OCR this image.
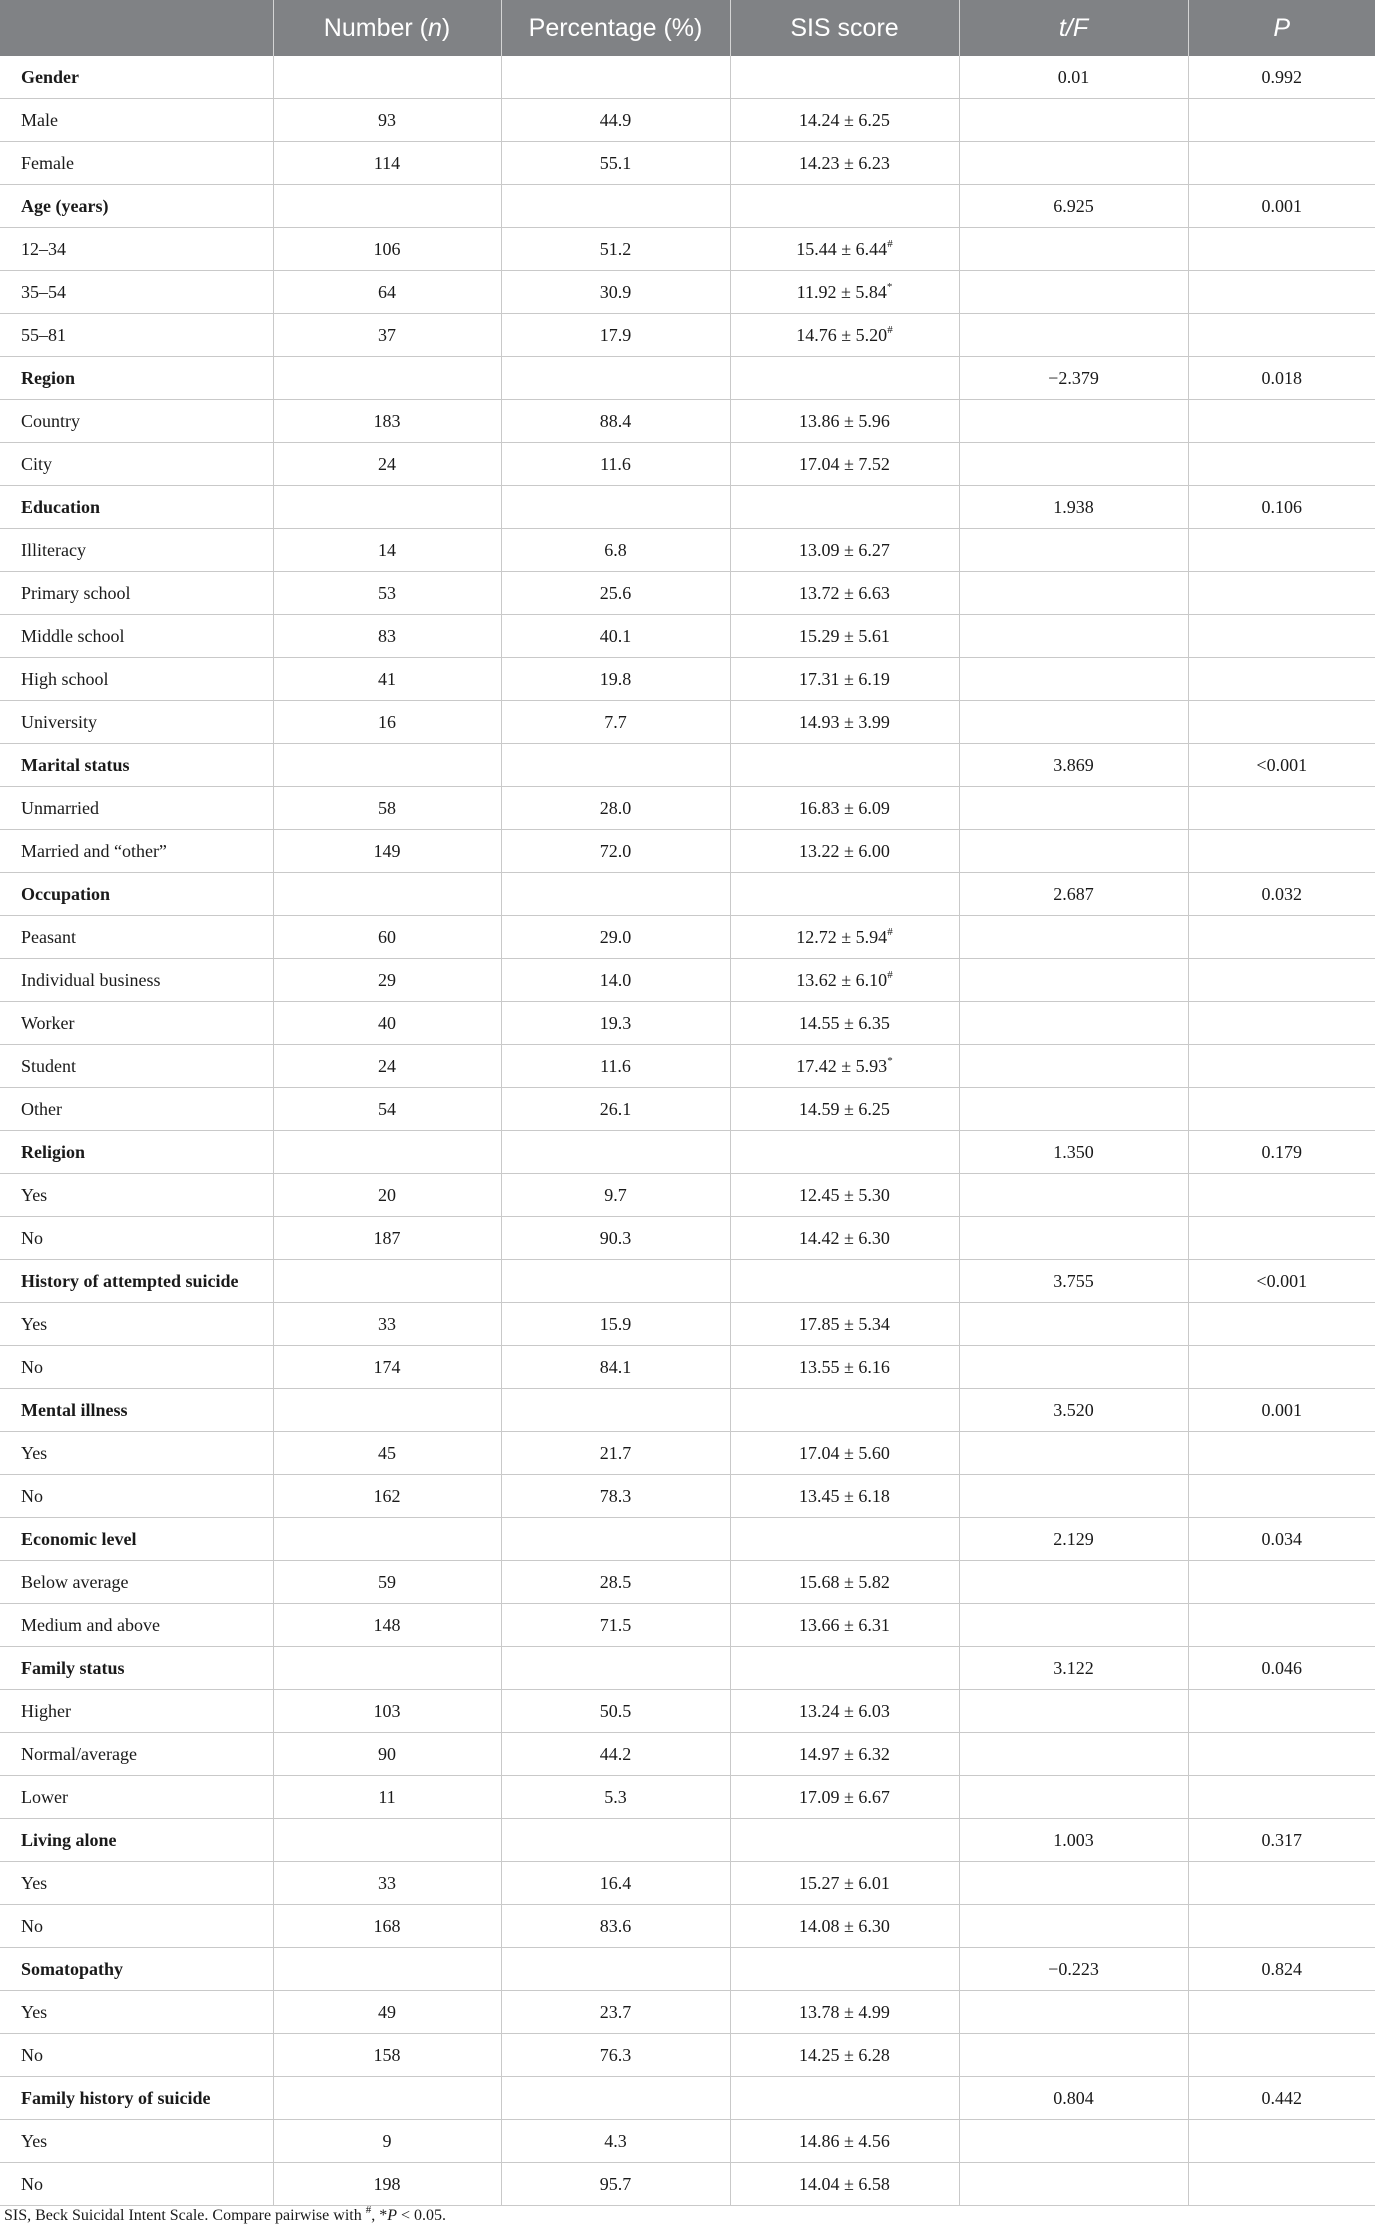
	Number (n)	Percentage (%)	SIS score	t/F	P
Gender				0.01	0.992
Male	93	44.9	14.24 ± 6.25		
Female	114	55.1	14.23 ± 6.23		
Age (years)				6.925	0.001
12–34	106	51.2	15.44 ± 6.44#		
35–54	64	30.9	11.92 ± 5.84*		
55–81	37	17.9	14.76 ± 5.20#		
Region				−2.379	0.018
Country	183	88.4	13.86 ± 5.96		
City	24	11.6	17.04 ± 7.52		
Education				1.938	0.106
Illiteracy	14	6.8	13.09 ± 6.27		
Primary school	53	25.6	13.72 ± 6.63		
Middle school	83	40.1	15.29 ± 5.61		
High school	41	19.8	17.31 ± 6.19		
University	16	7.7	14.93 ± 3.99		
Marital status				3.869	<0.001
Unmarried	58	28.0	16.83 ± 6.09		
Married and “other”	149	72.0	13.22 ± 6.00		
Occupation				2.687	0.032
Peasant	60	29.0	12.72 ± 5.94#		
Individual business	29	14.0	13.62 ± 6.10#		
Worker	40	19.3	14.55 ± 6.35		
Student	24	11.6	17.42 ± 5.93*		
Other	54	26.1	14.59 ± 6.25		
Religion				1.350	0.179
Yes	20	9.7	12.45 ± 5.30		
No	187	90.3	14.42 ± 6.30		
History of attempted suicide				3.755	<0.001
Yes	33	15.9	17.85 ± 5.34		
No	174	84.1	13.55 ± 6.16		
Mental illness				3.520	0.001
Yes	45	21.7	17.04 ± 5.60		
No	162	78.3	13.45 ± 6.18		
Economic level				2.129	0.034
Below average	59	28.5	15.68 ± 5.82		
Medium and above	148	71.5	13.66 ± 6.31		
Family status				3.122	0.046
Higher	103	50.5	13.24 ± 6.03		
Normal/average	90	44.2	14.97 ± 6.32		
Lower	11	5.3	17.09 ± 6.67		
Living alone				1.003	0.317
Yes	33	16.4	15.27 ± 6.01		
No	168	83.6	14.08 ± 6.30		
Somatopathy				−0.223	0.824
Yes	49	23.7	13.78 ± 4.99		
No	158	76.3	14.25 ± 6.28		
Family history of suicide				0.804	0.442
Yes	9	4.3	14.86 ± 4.56		
No	198	95.7	14.04 ± 6.58		
SIS, Beck Suicidal Intent Scale. Compare pairwise with #, *P < 0.05.
